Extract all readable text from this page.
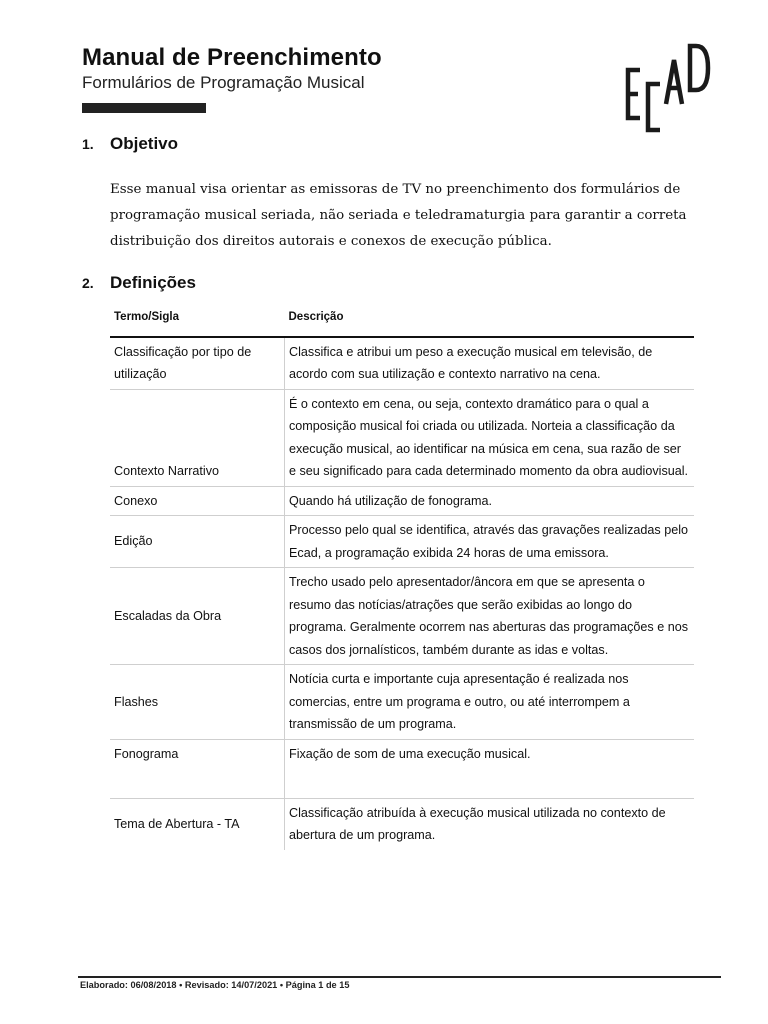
Manual de Preenchimento
Formulários de Programação Musical
1. Objetivo
Esse manual visa orientar as emissoras de TV no preenchimento dos formulários de programação musical seriada, não seriada e teledramaturgia para garantir a correta distribuição dos direitos autorais e conexos de execução pública.
2. Definições
Termo/Sigla	Descrição
Classificação por tipo de utilização	Classifica e atribui um peso a execução musical em televisão, de acordo com sua utilização e contexto narrativo na cena.
Contexto Narrativo	É o contexto em cena, ou seja, contexto dramático para o qual a composição musical foi criada ou utilizada. Norteia a classificação da execução musical, ao identificar na música em cena, sua razão de ser e seu significado para cada determinado momento da obra audiovisual.
Conexo	Quando há utilização de fonograma.
Edição	Processo pelo qual se identifica, através das gravações realizadas pelo Ecad, a programação exibida 24 horas de uma emissora.
Escaladas da Obra	Trecho usado pelo apresentador/âncora em que se apresenta o resumo das notícias/atrações que serão exibidas ao longo do programa. Geralmente ocorrem nas aberturas das programações e nos casos dos jornalísticos, também durante as idas e voltas.
Flashes	Notícia curta e importante cuja apresentação é realizada nos comercias, entre um programa e outro, ou até interrompem a transmissão de um programa.
Fonograma	Fixação de som de uma execução musical.
Tema de Abertura - TA	Classificação atribuída à execução musical utilizada no contexto de abertura de um programa.
Elaborado: 06/08/2018 • Revisado: 14/07/2021 • Página 1 de 15
